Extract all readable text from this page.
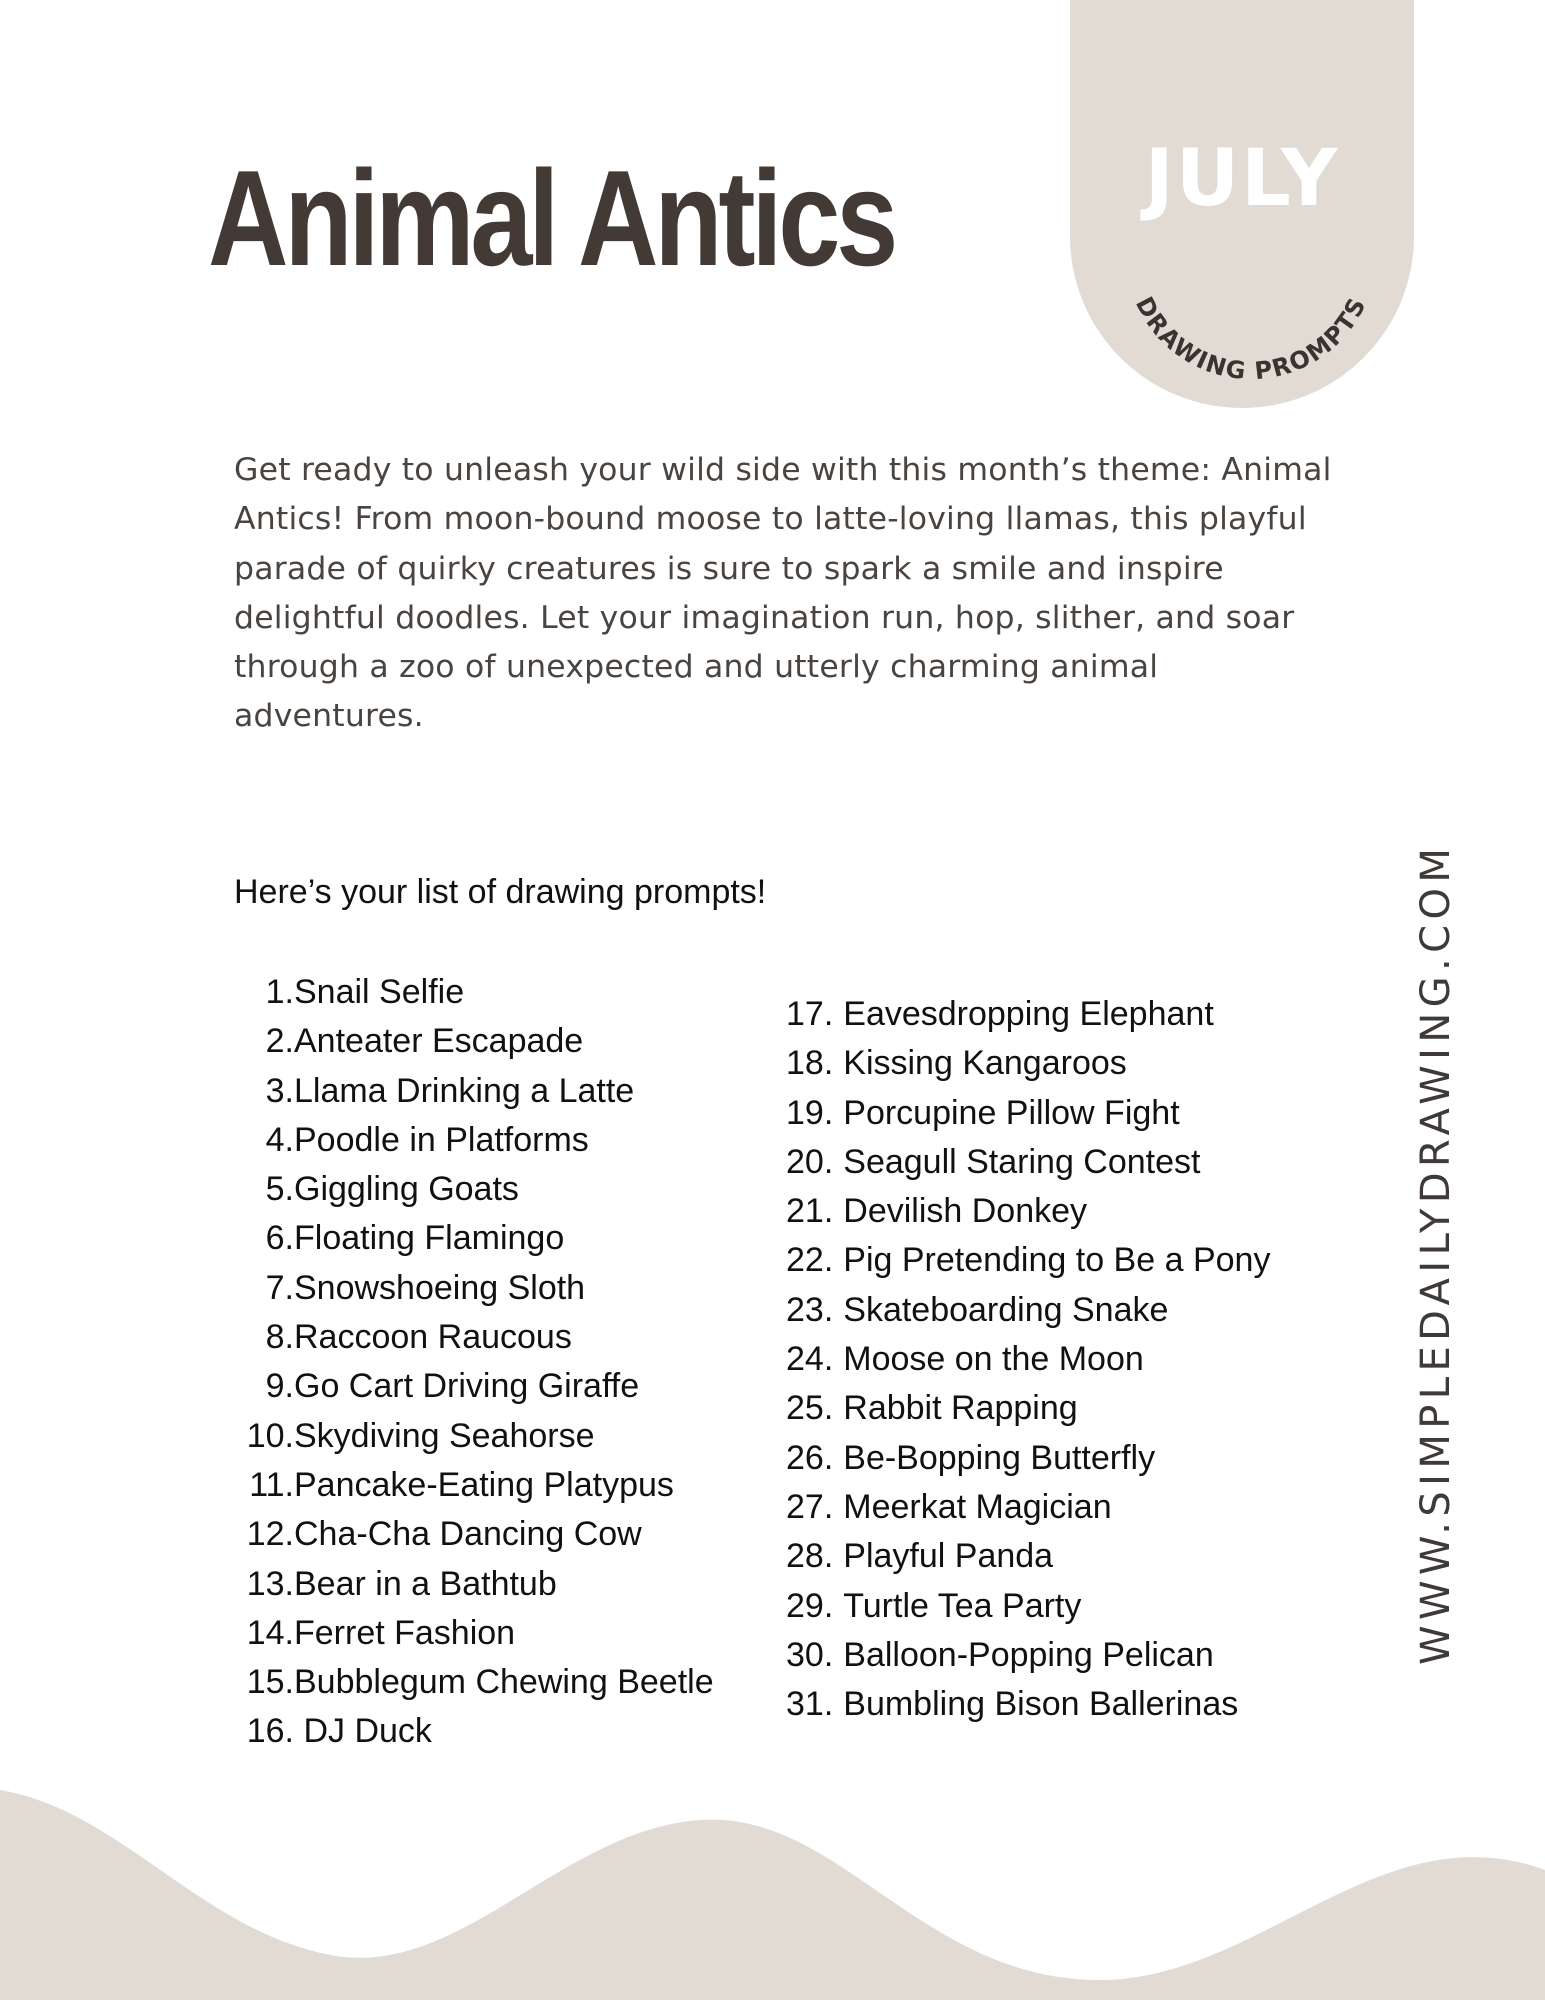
Animal Antics	JULY
DRAWING PROMPTS

Get ready to unleash your wild side with this month’s theme: Animal Antics! From moon-bound moose to latte-loving llamas, this playful parade of quirky creatures is sure to spark a smile and inspire delightful doodles. Let your imagination run, hop, slither, and soar through a zoo of unexpected and utterly charming animal adventures.

Here’s your list of drawing prompts!

1. Snail Selfie
2. Anteater Escapade
3. Llama Drinking a Latte
4. Poodle in Platforms
5. Giggling Goats
6. Floating Flamingo
7. Snowshoeing Sloth
8. Raccoon Raucous
9. Go Cart Driving Giraffe
10. Skydiving Seahorse
11. Pancake-Eating Platypus
12. Cha-Cha Dancing Cow
13. Bear in a Bathtub
14. Ferret Fashion
15. Bubblegum Chewing Beetle
16. DJ Duck
17. Eavesdropping Elephant
18. Kissing Kangaroos
19. Porcupine Pillow Fight
20. Seagull Staring Contest
21. Devilish Donkey
22. Pig Pretending to Be a Pony
23. Skateboarding Snake
24. Moose on the Moon
25. Rabbit Rapping
26. Be-Bopping Butterfly
27. Meerkat Magician
28. Playful Panda
29. Turtle Tea Party
30. Balloon-Popping Pelican
31. Bumbling Bison Ballerinas
WWW.SIMPLEDAILYDRAWING.COM
